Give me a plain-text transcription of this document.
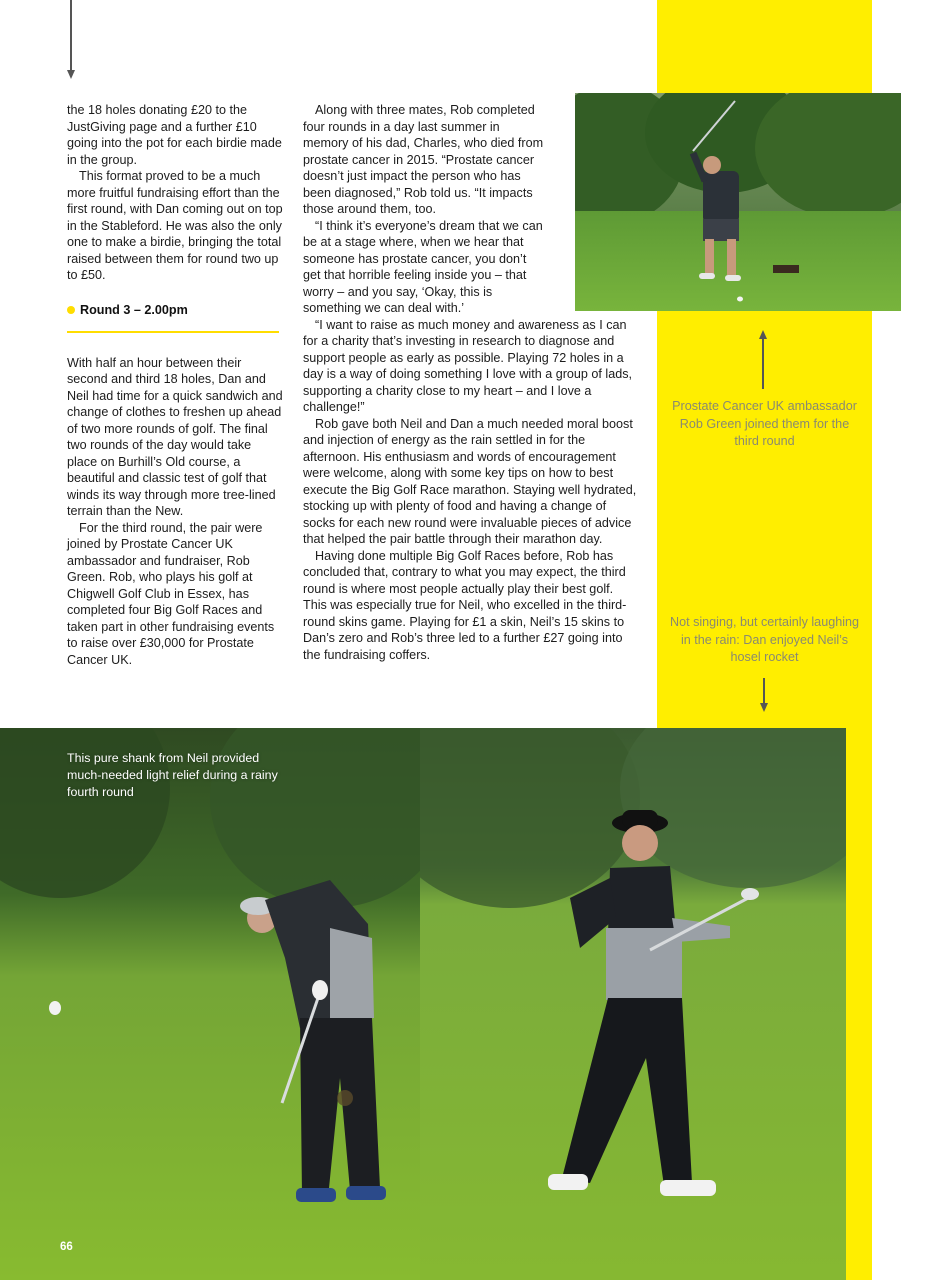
the 18 holes donating £20 to the JustGiving page and a further £10 going into the pot for each birdie made in the group.

This format proved to be a much more fruitful fundraising effort than the first round, with Dan coming out on top in the Stableford. He was also the only one to make a birdie, bringing the total raised between them for round two up to £50.

Round 3 – 2.00pm

With half an hour between their second and third 18 holes, Dan and Neil had time for a quick sandwich and change of clothes to freshen up ahead of two more rounds of golf. The final two rounds of the day would take place on Burhill’s Old course, a beautiful and classic test of golf that winds its way through more tree-lined terrain than the New.

For the third round, the pair were joined by Prostate Cancer UK ambassador and fundraiser, Rob Green. Rob, who plays his golf at Chigwell Golf Club in Essex, has completed four Big Golf Races and taken part in other fundraising events to raise over £30,000 for Prostate Cancer UK.

Along with three mates, Rob completed four rounds in a day last summer in memory of his dad, Charles, who died from prostate cancer in 2015. “Prostate cancer doesn’t just impact the person who has been diagnosed,” Rob told us. “It impacts those around them, too.

“I think it’s everyone’s dream that we can be at a stage where, when we hear that someone has prostate cancer, you don’t get that horrible feeling inside you – that worry – and you say, ‘Okay, this is something we can deal with.’

“I want to raise as much money and awareness as I can for a charity that’s investing in research to diagnose and support people as early as possible. Playing 72 holes in a day is a way of doing something I love with a group of lads, supporting a charity close to my heart – and I love a challenge!”

Rob gave both Neil and Dan a much needed moral boost and injection of energy as the rain settled in for the afternoon. His enthusiasm and words of encouragement were welcome, along with some key tips on how to best execute the Big Golf Race marathon. Staying well hydrated, stocking up with plenty of food and having a change of socks for each new round were invaluable pieces of advice that helped the pair battle through their marathon day.

Having done multiple Big Golf Races before, Rob has concluded that, contrary to what you may expect, the third round is where most people actually play their best golf. This was especially true for Neil, who excelled in the third-round skins game. Playing for £1 a skin, Neil’s 15 skins to Dan’s zero and Rob’s three led to a further £27 going into the fundraising coffers.

Prostate Cancer UK ambassador Rob Green joined them for the third round
Not singing, but certainly laughing in the rain: Dan enjoyed Neil’s hosel rocket
This pure shank from Neil provided much-needed light relief during a rainy fourth round
66
